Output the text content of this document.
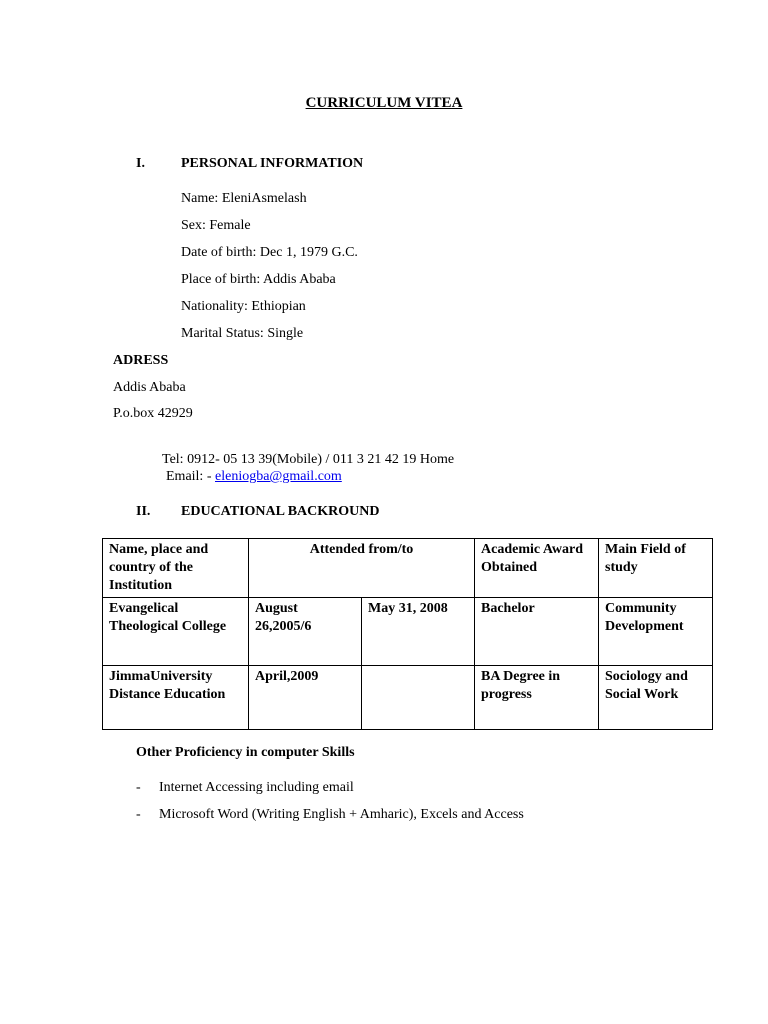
CURRICULUM VITEA
I.	PERSONAL INFORMATION
Name: EleniAsmelash
Sex: Female
Date of birth: Dec 1, 1979 G.C.
Place of birth: Addis Ababa
Nationality: Ethiopian
Marital Status: Single
ADRESS
Addis Ababa
P.o.box 42929
Tel: 0912- 05 13 39(Mobile) / 011 3 21 42 19 Home
Email: - eleniogba@gmail.com
II. EDUCATIONAL BACKROUND
Name, place and country of the Institution	Attended from/to		Academic Award Obtained	Main Field of study
Evangelical Theological College	August 26,2005/6	May 31, 2008	Bachelor	Community Development
JimmaUniversity Distance Education	April,2009		BA Degree in progress	Sociology and Social Work
Other Proficiency in computer Skills
- Internet Accessing including email
- Microsoft Word (Writing English + Amharic), Excels and Access
